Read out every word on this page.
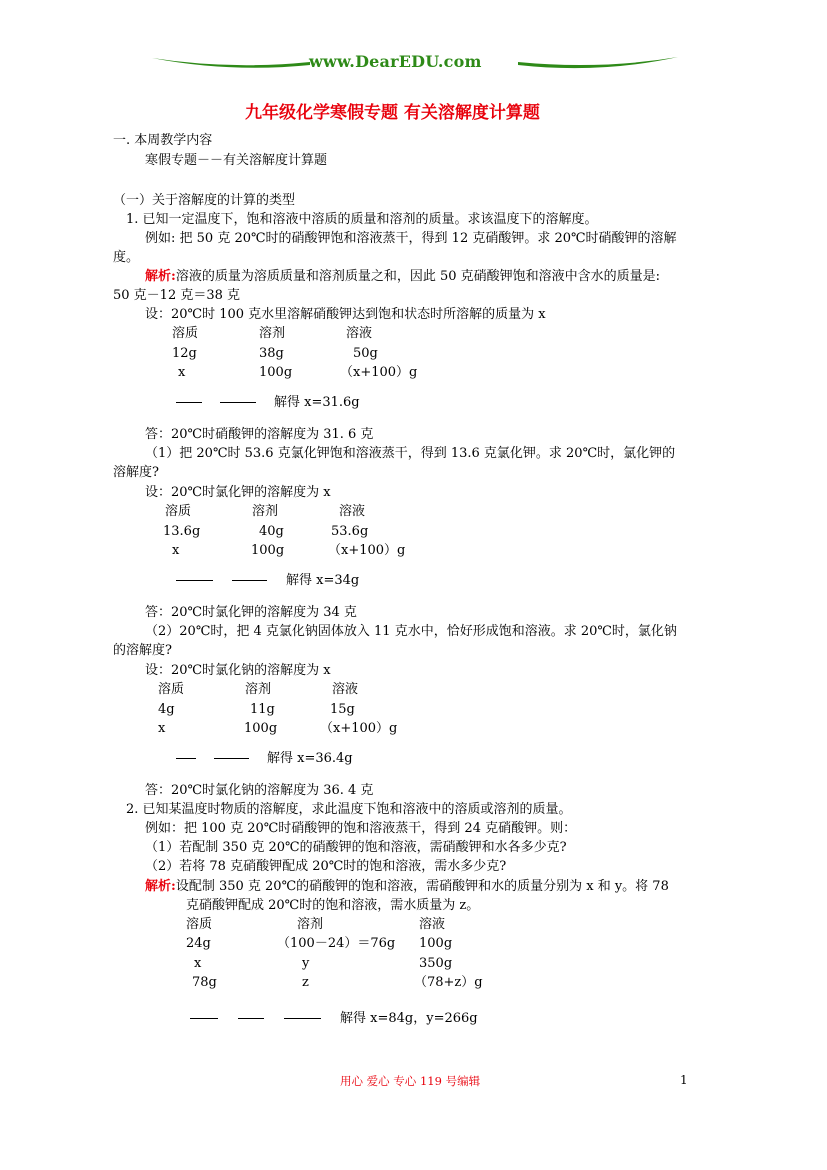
www.DearEDU.com
九年级化学寒假专题 有关溶解度计算题
一. 本周教学内容
寒假专题－－有关溶解度计算题
（一）关于溶解度的计算的类型
1. 已知一定温度下，饱和溶液中溶质的质量和溶剂的质量。求该温度下的溶解度。
例如: 把 50 克 20℃时的硝酸钾饱和溶液蒸干，得到 12 克硝酸钾。求 20℃时硝酸钾的溶解
度。
解析:溶液的质量为溶质质量和溶剂质量之和，因此 50 克硝酸钾饱和溶液中含水的质量是:
50 克－12 克＝38 克
设：20℃时 100 克水里溶解硝酸钾达到饱和状态时所溶解的质量为 x
溶质	溶剂	溶液
12g	38g	50g
x	100g	（x+100）g
解得 x=31.6g
答：20℃时硝酸钾的溶解度为 31. 6 克
（1）把 20℃时 53.6 克氯化钾饱和溶液蒸干，得到 13.6 克氯化钾。求 20℃时，氯化钾的
溶解度?
设：20℃时氯化钾的溶解度为 x
溶质	溶剂	溶液
13.6g	40g	53.6g
x	100g	（x+100）g
解得 x=34g
答：20℃时氯化钾的溶解度为 34 克
（2）20℃时，把 4 克氯化钠固体放入 11 克水中，恰好形成饱和溶液。求 20℃时，氯化钠
的溶解度?
设：20℃时氯化钠的溶解度为 x
溶质	溶剂	溶液
4g	11g	15g
x	100g	（x+100）g
解得 x=36.4g
答：20℃时氯化钠的溶解度为 36. 4 克
2. 已知某温度时物质的溶解度，求此温度下饱和溶液中的溶质或溶剂的质量。
例如：把 100 克 20℃时硝酸钾的饱和溶液蒸干，得到 24 克硝酸钾。则：
（1）若配制 350 克 20℃的硝酸钾的饱和溶液，需硝酸钾和水各多少克?
（2）若将 78 克硝酸钾配成 20℃时的饱和溶液，需水多少克?
解析:设配制 350 克 20℃的硝酸钾的饱和溶液，需硝酸钾和水的质量分别为 x 和 y。将 78
克硝酸钾配成 20℃时的饱和溶液，需水质量为 z。
溶质	溶剂	溶液
24g	（100－24）＝76g 100g
x	y	350g
78g	z	（78+z）g
解得 x=84g，y=266g
用心 爱心 专心 119 号编辑	1
